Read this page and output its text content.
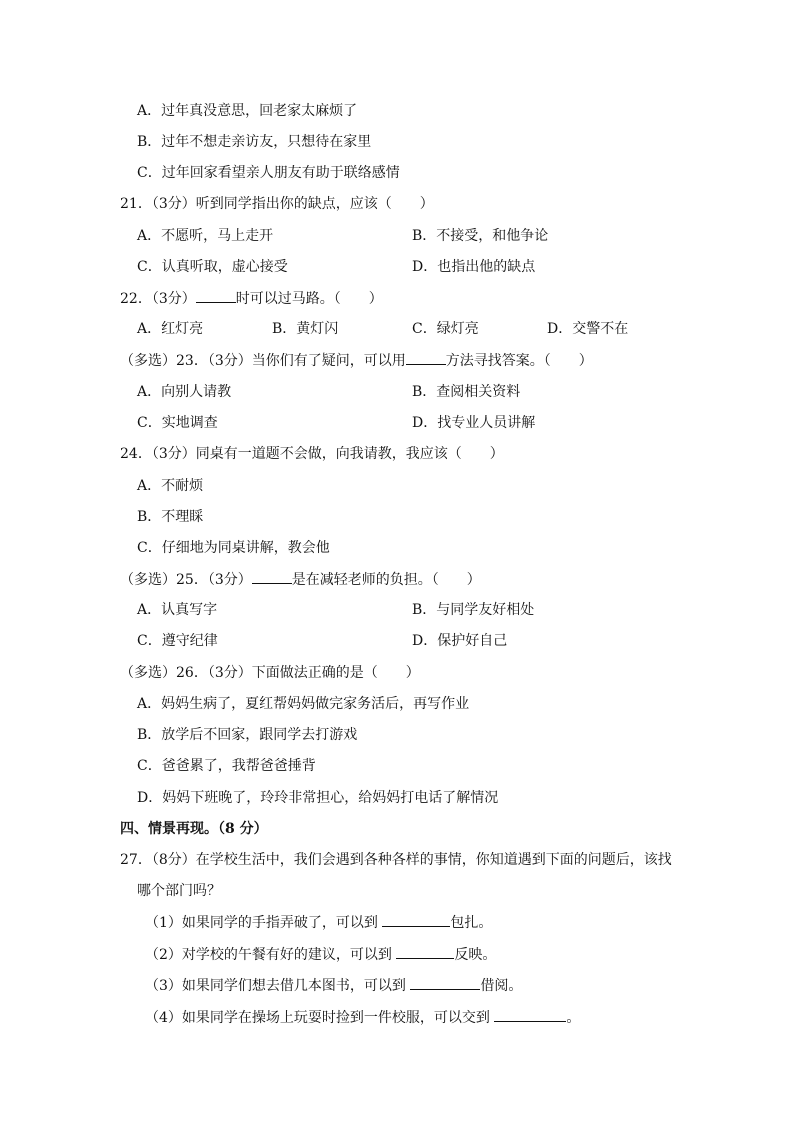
A．过年真没意思，回老家太麻烦了
B．过年不想走亲访友，只想待在家里
C．过年回家看望亲人朋友有助于联络感情
21．（3分）听到同学指出你的缺点，应该（　　）
A．不愿听，马上走开	B．不接受，和他争论
C．认真听取，虚心接受	D．也指出他的缺点
22．（3分）	时可以过马路。（　　）
A．红灯亮	B．黄灯闪	C．绿灯亮	D．交警不在
（多选）23．（3分）当你们有了疑问，可以用	方法寻找答案。（　　）
A．向别人请教	B．查阅相关资料
C．实地调查	D．找专业人员讲解
24．（3分）同桌有一道题不会做，向我请教，我应该（　　）
A．不耐烦
B．不理睬
C．仔细地为同桌讲解，教会他
（多选）25．（3分）	是在减轻老师的负担。（　　）
A．认真写字	B．与同学友好相处
C．遵守纪律	D．保护好自己
（多选）26．（3分）下面做法正确的是（　　）
A．妈妈生病了，夏红帮妈妈做完家务活后，再写作业
B．放学后不回家，跟同学去打游戏
C．爸爸累了，我帮爸爸捶背
D．妈妈下班晚了，玲玲非常担心，给妈妈打电话了解情况
四、情景再现。（8 分）
27．（8分）在学校生活中，我们会遇到各种各样的事情，你知道遇到下面的问题后，该找
哪个部门吗？
（1）如果同学的手指弄破了，可以到	包扎。
（2）对学校的午餐有好的建议，可以到	反映。
（3）如果同学们想去借几本图书，可以到	借阅。
（4）如果同学在操场上玩耍时捡到一件校服，可以交到	。
